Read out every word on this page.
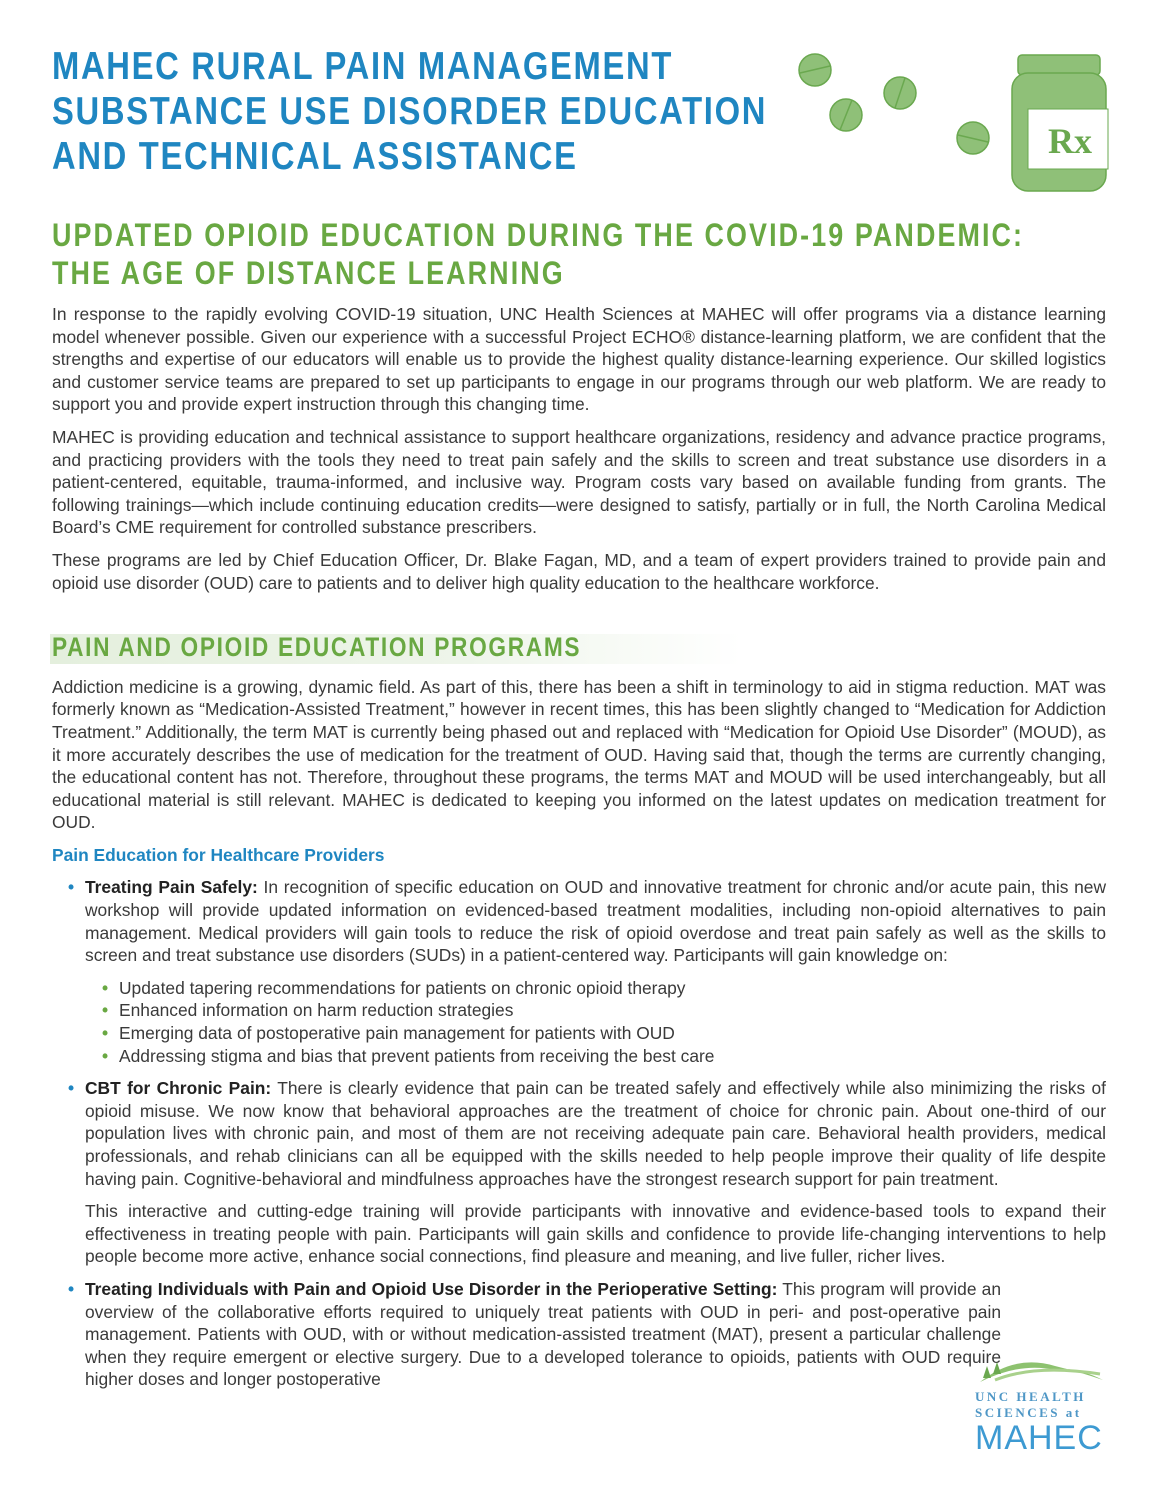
MAHEC RURAL PAIN MANAGEMENT
SUBSTANCE USE DISORDER EDUCATION
AND TECHNICAL ASSISTANCE	Rx
UPDATED OPIOID EDUCATION DURING THE COVID-19 PANDEMIC:
THE AGE OF DISTANCE LEARNING

In response to the rapidly evolving COVID-19 situation, UNC Health Sciences at MAHEC will offer programs via a distance learning model whenever possible. Given our experience with a successful Project ECHO® distance-learning platform, we are confident that the strengths and expertise of our educators will enable us to provide the highest quality distance-learning experience. Our skilled logistics and customer service teams are prepared to set up participants to engage in our programs through our web platform. We are ready to support you and provide expert instruction through this changing time.

MAHEC is providing education and technical assistance to support healthcare organizations, residency and advance practice programs, and practicing providers with the tools they need to treat pain safely and the skills to screen and treat substance use disorders in a patient-centered, equitable, trauma-informed, and inclusive way. Program costs vary based on available funding from grants. The following trainings—which include continuing education credits—were designed to satisfy, partially or in full, the North Carolina Medical Board’s CME requirement for controlled substance prescribers.

These programs are led by Chief Education Officer, Dr. Blake Fagan, MD, and a team of expert providers trained to provide pain and opioid use disorder (OUD) care to patients and to deliver high quality education to the healthcare workforce.

PAIN AND OPIOID EDUCATION PROGRAMS

Addiction medicine is a growing, dynamic field. As part of this, there has been a shift in terminology to aid in stigma reduction. MAT was formerly known as “Medication-Assisted Treatment,” however in recent times, this has been slightly changed to “Medication for Addiction Treatment.” Additionally, the term MAT is currently being phased out and replaced with “Medication for Opioid Use Disorder” (MOUD), as it more accurately describes the use of medication for the treatment of OUD. Having said that, though the terms are currently changing, the educational content has not. Therefore, throughout these programs, the terms MAT and MOUD will be used interchangeably, but all educational material is still relevant. MAHEC is dedicated to keeping you informed on the latest updates on medication treatment for OUD.

Pain Education for Healthcare Providers
• Treating Pain Safely: In recognition of specific education on OUD and innovative treatment for chronic and/or acute pain, this new workshop will provide updated information on evidenced-based treatment modalities, including non-opioid alternatives to pain management. Medical providers will gain tools to reduce the risk of opioid overdose and treat pain safely as well as the skills to screen and treat substance use disorders (SUDs) in a patient-centered way. Participants will gain knowledge on:
• Updated tapering recommendations for patients on chronic opioid therapy
• Enhanced information on harm reduction strategies
• Emerging data of postoperative pain management for patients with OUD
• Addressing stigma and bias that prevent patients from receiving the best care
• CBT for Chronic Pain: There is clearly evidence that pain can be treated safely and effectively while also minimizing the risks of opioid misuse. We now know that behavioral approaches are the treatment of choice for chronic pain. About one-third of our population lives with chronic pain, and most of them are not receiving adequate pain care. Behavioral health providers, medical professionals, and rehab clinicians can all be equipped with the skills needed to help people improve their quality of life despite having pain. Cognitive-behavioral and mindfulness approaches have the strongest research support for pain treatment.

This interactive and cutting-edge training will provide participants with innovative and evidence-based tools to expand their effectiveness in treating people with pain. Participants will gain skills and confidence to provide life-changing interventions to help people become more active, enhance social connections, find pleasure and meaning, and live fuller, richer lives.

• Treating Individuals with Pain and Opioid Use Disorder in the Perioperative Setting: This program will provide an overview of the collaborative efforts required to uniquely treat patients with OUD in peri- and post-operative pain management. Patients with OUD, with or without medication-assisted treatment (MAT), present a particular challenge when they require emergent or elective surgery. Due to a developed tolerance to opioids, patients with OUD require higher doses and longer postoperative
UNC HEALTH
SCIENCES at
MAHEC
